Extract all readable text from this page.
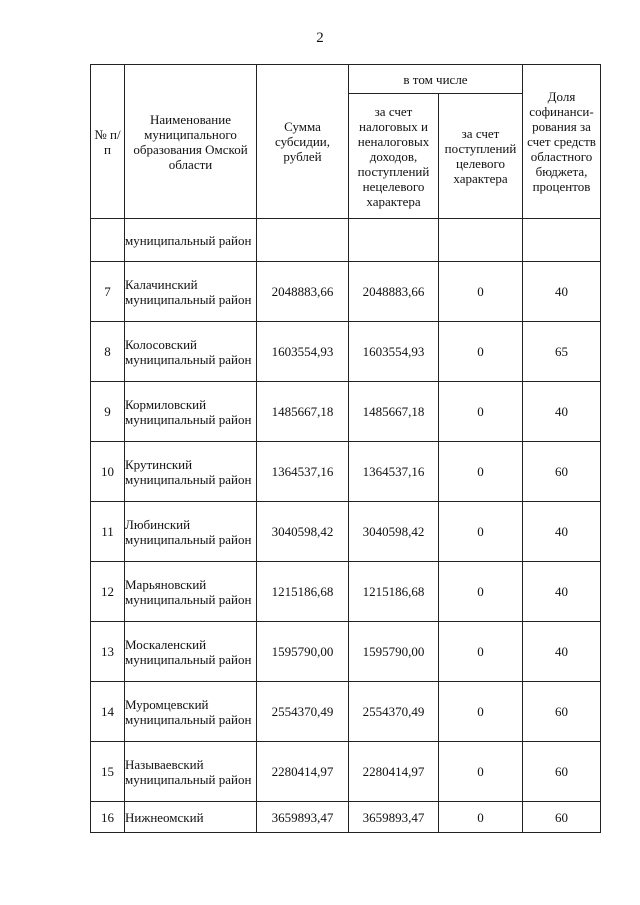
2
№ п/п	Наименование муниципального образования Омской области	Сумма субсидии, рублей	в том числе		Доля софинанси-рования за счет средств областного бюджета, процентов

			за счет налоговых и неналоговых доходов, поступлений нецелевого характера	за счет поступлений целевого характера	

	муниципальный район				
7	Калачинский муниципальный район	2048883,66	2048883,66	0	40
8	Колосовский муниципальный район	1603554,93	1603554,93	0	65
9	Кормиловский муниципальный район	1485667,18	1485667,18	0	40
10	Крутинский муниципальный район	1364537,16	1364537,16	0	60
11	Любинский муниципальный район	3040598,42	3040598,42	0	40
12	Марьяновский муниципальный район	1215186,68	1215186,68	0	40
13	Москаленский муниципальный район	1595790,00	1595790,00	0	40
14	Муромцевский муниципальный район	2554370,49	2554370,49	0	60
15	Называевский муниципальный район	2280414,97	2280414,97	0	60
16	Нижнеомский	3659893,47	3659893,47	0	60
